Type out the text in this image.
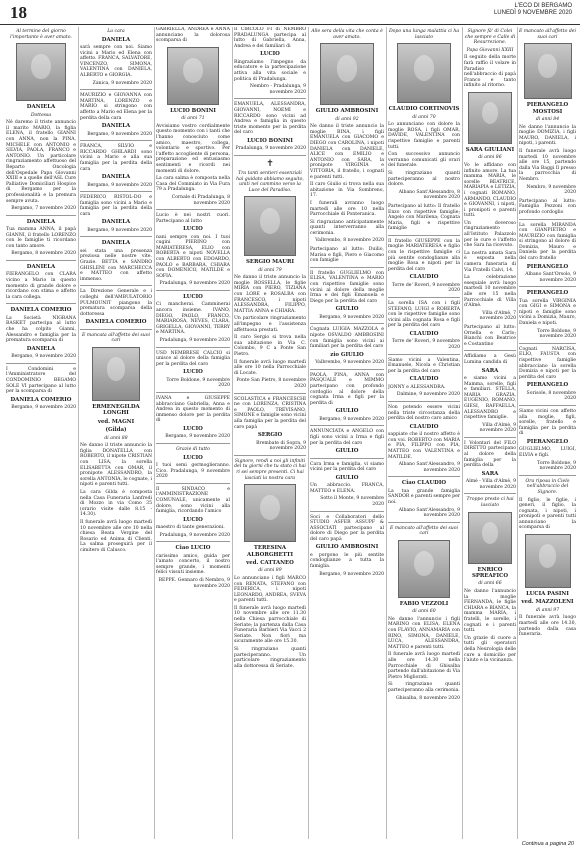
18	L'ECO DI BERGAMO
LUNEDÌ 9 NOVEMBRE 2020

Al termine del giorno l'importante è aver amato.

DANIELA

Dottessa

Né daremo il triste annuncio il marito MARIO, la figlia ELENA, il fratello GIANNI con ANNA, non la PINA, MICHELE con ANTONIO e SILVIA, PAOLA, FRANCO e ANTONIO. Un particolare ringraziamento affettuoso del Reparto Oncologia dell'Ospedale Papa Giovanni XXIII e a quelle dell'ASL Cure Palliative Domiciliari Hospice di Bergamo per la professionalità e la premura sempre avuta.

Bergamo, 7 novembre 2020

DANIELA

Tua mamma ANNA, il papà GIANNI, il fratello LORENZO con le famiglie ti ricordano con tanto amore.

Bergamo, 8 novembre 2020

DANIELA

FIERANGELO con CLARA vicino a Mario in questo momento di grande dolore e ricordano con stima e affetto la cara collega.

DANIELA COMERIO

La Società NIGRANA BASKET partecipa al lutto che ha colpito Gianni, Alessandro e famiglia per la prematura scomparsa di

DANIELA

Bergamo, 9 novembre 2020

I Condomini e l'Amministratore del CONDOMINIO BEGAMO SOLE VI partecipano al lutto per la scomparsa di

DANIELA COMERIO

Bergamo, 9 novembre 2020

La cara

DANIELA

sarà sempre con noi. Siamo vicini a Mario ed Elena con affetto. FRANCA, SALVATORE, VINCENZO, SIMONA, VALENTINA con DANIELA, ALBERTO e GIORGIA.

Zanica, 9 novembre 2020

MAURIZIO e GIOVANNA con MARTINA, LORENZO e MARIO si stringono con affetto a Mario ed Elena per la perdita della cara

DANIELA

Bergamo, 9 novembre 2020

FRANCA, SILVIO e RICCARDO GHILARDI sono vicini a Mario e alla sua famiglia per la perdita della cara

DANIELA

Bergamo, 9 novembre 2020

FEDERICO RISTOL-DO e famiglia sono vicini a Mario e famiglia per la perdita della cara

DANIELA

Bergamo, 9 novembre 2020

DANIELA

sei stata una presenza preziosa nelle nostre vite. Grazie. BETTA e SANDRO GHISLENI con MARCHECCA e MATTEO con affetto immenso.

La Direzione Generale e i colleghi dell'AMBULATORIO PULMOUNIT piangono la prematura scomparsa della dottoressa

DANIELA COMERIO

E mancata all'affetto dei suoi cari

ERMENEGILDA LONGHI

ved. MAGNI

(Gilda)

di anni 88

Ne danno il triste annuncio la figlia DONATELLA con ROBERTO, il nipote CRISTIAN con LISA, la sorella ELISABETTA con OMAR, il pronipote ALESSANDRO, la sorella ANTONIA, le cognate, i nipoti e parenti tutti.

La cara Gilda è composta nella Casa Funeraria Lanfredi di Mozzo in via Como 35 (orario visite dalle 8.15 - 14.30).

Il funerale avrà luogo martedì 10 novembre alle ore 10 nella chiesa Beata Vergine del Rosario ed Anima di Clienti. La salma proseguirà per il cimitero di Calusco.

GABRIELLA, ANDREA e ANNA annunciano la dolorosa scomparsa di

LUCIO BONINI

di anni 71

Avvisiamo vostro cordialmente questo momento con i tanti che l'hanno conosciuto come amico, maestro, collega, volontario e sportivo. Per l'affetto accogliente di persona, preparazione ed entusiasmo sentimenti e ricordi nei momenti di dolore.

La cara salma è composta nella Casa del Commiato in Via Fura 79 a Pradalunga.

Cornale di Pradalunga, 8 novembre 2020

Lucio è nei nostri cuori. Partecipano al lutto

LUCIO

nani sempre con noi. I tuoi cugini PIERINO con MARIATERESA, ELIO con ROBERTA e nipoti NOVELLA con ALBERTO con EDOARDO, PAOLO e BARBARA, CHIARA con DOMENICO, MATILDE e SOFIA.

Pradalunga, 9 novembre 2020

LUCIO

Ci mancherai. Camminerai ancora insieme. IVANO, DIEGO, PAOLO, FRANCO, MARIAROSA, NEVES, CLARA, GRIGELLA, GIOVANNI, TERRY e MARTINA.

Pradalunga, 9 novembre 2020

USD NEMBRESE CALCIO si unisce al dolore della famiglia per la perdita del caro

LUCIO

Torre Boldone, 9 novembre 2020

IVANA e GIUSEPPE abbracciano Gabriella, Anna e Andrea in questo momento di immenso dolore per la perdita di

LUCIO

Bergamo, 9 novembre 2020

Grazie di tutto

LUCIO

I tuoi semi germoglieranno. Cico. Pradalunga, 9 novembre 2020

Il SINDACO e l'AMMINISTRAZIONE COMUNALE, unicamente al dolore, sono vicini alla famiglia, ricordando l'amico

LUCIO

maestro di tante generazioni.

Pradalunga, 9 novembre 2020

Ciao LUCIO

carissimo amico, guida per l'amato concerto, il nostro sempre grande, i momenti felici vissuti insieme.

BEPPE. Gennaro di Nembro, 9 novembre 2020

Il CIRCOLO FI di NEMBRO PRADALUNGA partecipa al lutto di Gabriella, Anna, Andrea e dei familiari di

LUCIO

Ringraziamo l'impegno da educatore e la partecipazione attiva alla vita sociale e politica di Pradalunga.

Nembro - Pradalunga, 9 novembre 2020

EMANUELA, ALESSANDRA, GIOVANNI, NOEMI e RICCARDO sono vicini ad Andrea e famiglia in questo triste momento per la perdita del caro

LUCIO BONINI

Pradalunga, 9 novembre 2020

✝

Tra tanti sentieri essenziali hai guidato abbiamo seguito, uniti nel cammino verso la Luce del Paradiso.

SERGIO MAURI

di anni 79

Ne danno il triste annuncio la moglie ROSSELLA, le figlie MIRIA con PIERO, TIZIANA con LORE e ROSALBA con FRANCESCO, i nipoti ALESSANDRA, FILIPPO, MATTIA ANNA e CHIARA.

Un particolare ringraziamento all'impegno e l'assistenza affettuosa prestati.

Il caro Sergio si trova nella sua abitazione in Via C. Colombo, 9 C a Ponte San Pietro.

Il funerale avrà luogo martedì alle ore 10 nella Parrocchiale di Locate.

Ponte San Pietro, 8 novembre 2020

SCOLASTICA e FRANCESCHI ne con LORENZA, CRISTINA e PAOLO, TREVISANO, SIMONE e famiglie sono vicini alla famiglia per la perdita del caro papà

SERGIO

Brembate di Sopra, 9 novembre 2020

Signore, rendi a noi gli infiniti del tu giorni che tu stato ci hai ri sei sempre presenti. Ci hai lasciati la nostra cara

TERESINA ALBORGHETTI

ved. CATTANEO

di anni 89

Lo annunciano i figli MARCO con RENATA, STEFANO con FEDERICA, i nipoti LEONARDO, ANDREA, SVEVA e parenti tutti.

Il funerale avrà luogo martedì 10 novembre alle ore 11.30 nella Chiesa parrocchiale di Seriate; la partenza dalla Casa Funeraria Barbieri Via Vacci 2 Seriate. Non fiori ma sicuramente alle ore 15.30.

Si ringraziano quanti parteciperanno. Un particolare ringraziamento alla dottoressa di Seriate.

Alle sera della vita che conta è aver amato.

GIULIO AMBROSINI

di anni 92

Ne danno il triste annuncio la moglie BINA, i figli EMANUELA con GIACOMO e DIEGO con CAROLINA, i nipoti DANIELA con DANIELE, ALICE con EMILIO e ANTONIO con SARA, la pronipote VIRGINIA e VITTORIA, il fratello, i cognati e parenti tutti.

Il caro Giulio si trova nella sua abitazione in Via Sombreno, 17.

I funerali avranno luogo martedì alle ore 10 nella Parrocchiale di Ponteranica.

Si ringraziano anticipatamente quanti interverranno alla cerimonia.

Valbrembo, 8 novembre 2020

Partecipano al lutto: Duilio, Marisa e figli, Piero e Giacomo con famiglie

Il fratello GUGLIELMO con ELISA, VALENTINA e MARIO con rispettive famiglie sono vicini al dolore della moglie Irma e dei figli Emanuela e Diego per la perdita del caro

GIULIO

Bergamo, 9 novembre 2020

Cognata LUIGIA MAZZOLA e nipote OSVALDO AMBROSINI con famiglia sono vicini ai familiari per la perdita del caro

zio GIULIO

Valbrembo, 9 novembre 2020

PAOLA, PINA, ANNA con PASQUALE e MIMMO partecipano con profondo cordoglio al dolore della cognata Irma e figli per la perdita di

GIULIO

Bergamo, 9 novembre 2020

ANNUNCIATA e ANGELO con figli sono vicini a Irma e figli per la perdita del caro

GIULIO

Cara Irma e famiglia, vi siamo vicini per la perdita del caro

GIULIO

Un abbraccio. FRANCA, MATTEO e ELENA.

Sotto il Monte, 9 novembre 2020

Soci e Collaboratori dello STUDIO ASFER ASSUPF & ASSOCIATI partecipano al dolore di Diego per la perdita del caro papà

GIULIO AMBROSINI

e porgono le più sentite condoglianze a tutta la famiglia.

Bergamo, 9 novembre 2020

Dopo una lunga malattia ci ha lasciato

CLAUDIO CORTINOVIS

di anni 70

Lo annunciano con dolore la moglie ROSA, i figli OMAR, DAVIDE, VALENTINA con rispettive famiglie e parenti tutti.

Con successivo annuncio verranno comunicati gli orari del funerale.

Si ringraziano quanti parteciperanno al nostro dolore.

Albano Sant'Alessandro, 8 novembre 2020

Partecipano al lutto: Il fratello Enzo con rispettive famiglie; Angelo con Marilena; Cognata Maria, figli e rispettive famiglie

Il fratello GIUSEPPE con la moglie MARIATERESA e figlio con le rispettive famiglie ci più sentite condoglianze alla moglie Rosa e nipoti per la perdita del caro

CLAUDIO

Torre de' Roveri, 9 novembre 2020

La sorella ISA con i figli STEFANO, LUIGI e ROBERTA con le rispettive famiglie sono vicini alla cognata Rosa e figli per la perdita del caro

CLAUDIO

Torre de' Roveri, 9 novembre 2020

Siamo vicini a Valentina, Emanuele, Nicola e Christian per la perdita del caro

CLAUDIO

JONNY e ALESSANDRA.

Dalmine, 9 novembre 2020

Non potendo essere vicini nella triste circostanza della perdita del nostro caro amico

CLAUDIO

sappiate che il nostro affetto è con voi. ROBERTO con MARIA e PIA, FILIPPO con PIA, MATTEO con VALENTINA e MATILDE.

Albano Sant'Alessandro, 9 novembre 2020

Ciao CLAUDIO

La tua grande famiglia SANDOR e parenti sempre per noi.

Albano Sant'Alessandro, 9 novembre 2020

E mancato all'affetto dei suoi cari

FABIO VEZZOLI

di anni 60

Ne danno l'annuncio i figli MARINO con ELISA, ELENA con FLAVIO, ANNAMARIA con RINO, SIMONA, DANIELE, LUCA, ALESSANDRA, MATTEO e parenti tutti.

Il funerale avrà luogo martedì alle ore 14.30 nella Parrocchiale di Ghisalba partendo dall'abitazione di Via Pietro Migliorati.

Si ringraziano quanti parteciperanno alla cerimonia.

Ghisalba, 8 novembre 2020

Signore fà' di Colei che sempre e Calle di Resurrezione.

Papa Giovanni XXIII

Il seguito della morte farà raffio il volare in Paradiso nell'abbraccio di papà Franco e tanto infinito al ritorno.

SARA GIULIANI

di anni 86

Vo le affidano con infinito amore. La tua mamma MARIA, le sorelle BEATRICE, MARIAPIA e LETIZIA, i cognati ROMANO, ARMANDO, CLAUDIO e GIOVANNI, i nipoti, i pronipoti e parenti tutti.

Un doveroso ringraziamento all'Istituto Palazzolo per le cure e l'affetto che Sara ha ricevuto.

La nostra amata Sara è esposta nella camera funeraria di Via Fratelli Calvi, 14.

La celebrazione esequiale avrà luogo martedì 10 novembre alle ore 15 nella Parrocchiale di Villa d'Almè.

Villa d'Almè, 7 novembre 2020

Partecipano al lutto: Ornella e Carlo; Bianchi con Beatrice e Costantino

Affidiamo a Gesù Lumina candida di

SARA

e siamo vicini a Mamma, sorelle, figli e familiari. STELLA, MARIA GRAZIA, EUGENIO, ROMANO, GIESI, RAFFAELLA, ALESSANDRO e rispettive famiglie.

Villa d'Almè, 9 novembre 2020

I Volontari del FILO DIRETTO partecipano al dolore della famiglia per la perdita della

SARA

Almè - Villa d'Almè, 9 novembre 2020

Troppo presto ci hai lasciato

ENRICO SPREAFICO

di anni 66

Ne danno l'annuncio la moglie FERNANDA, le figlie CHIARA e BIANCA, la mamma MARIA, i fratelli, le sorelle, i cognati e i parenti tutti.

Un grazie di cuore a tutti gli operatori della Neurologia delle cure a domicilio per l'aiuto e la vicinanza.

E mancato all'affetto dei suoi cari

PIERANGELO MOSTOSI

di anni 84

Ne danno l'annuncio la moglie DOMIZIA, i figli MAURO, DANIELA, i nipoti, i parenti.

Il funerale avrà luogo martedì 10 novembre alle ore 15, partendo dalla Via Baggi Il presso la parrocchia di Nembro.

Nembro, 9 novembre 2020

Partecipano al lutto: Famiglia Pezzoni con profondo cordoglio

La sorella MIRANDA con GIANPIETRO e MAURIZIO con famiglia si stringono al dolore di Domizia, Mauro e Daniela per la perdita del caro fratello

PIERANGELO

Albano Sant'Orsolo, 9 novembre 2020

PIERANGELO

Tua sorella VIRGINIA con GIGI e SIMONA e nipoti e famiglie sono vicini a Domizia, Mauro, Daniela e nipoti.

Torre Boldone, 9 novembre 2020

Cognati NARCISA, ELIO, FAUSTA con rispettive famiglie abbracciano la sorella Domizia e nipoti per la perdita del caro

PIERANGELO

Sorisole, 8 novembre 2020

Siamo vicini con affetto alla moglie, figli, sorelle, fratello e famiglia per la perdita di

PIERANGELO

GUGLIELMO, LUIGI, ELVIA e figli.

Torre Boldone, 9 novembre 2020

Ora riposa in Cielo nell'abbraccio del Signore.

Il figlio, le figlie, i generi, il figlio, la cognata, i nipoti, i pronipoti e parenti tutti annunciano la scomparsa di

LUCIA PASINI

ved. MAZZOLENI

di anni 97

Il funerale avrà luogo martedì alle ore 14.30, partendo dalla casa funeraria.

Continua a pagina 20
